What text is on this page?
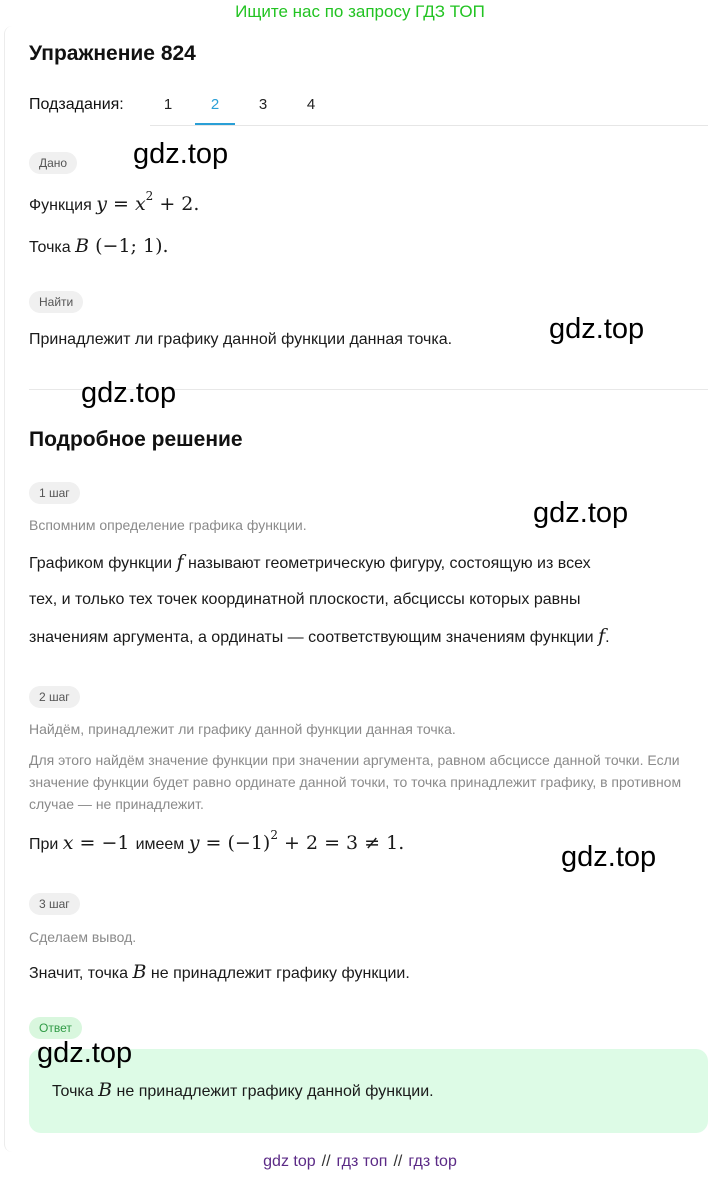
Ищите нас по запросу ГДЗ ТОП
Упражнение 824
Подзадания:	1	2	3	4
Дано
Функция $y = x^2 + 2$.
Точка B (−1; 1).
Найти
Принадлежит ли графику данной функции данная точка.
Подробное решение
1 шаг
Вспомним определение графика функции.
Графиком функции f называют геометрическую фигуру, состоящую из всех
тех, и только тех точек координатной плоскости, абсциссы которых равны
значениям аргумента, а ординаты — соответствующим значениям функции f.
2 шаг
Найдём, принадлежит ли графику данной функции данная точка.
Для этого найдём значение функции при значении аргумента, равном абсциссе данной точки. Если значение функции будет равно ординате данной точки, то точка принадлежит графику, в противном случае — не принадлежит.
При x = −1 имеем $y = (-1)^2 + 2 = 3 \ne 1$.
3 шаг
Сделаем вывод.
Значит, точка B не принадлежит графику функции.
Ответ
Точка B не принадлежит графику данной функции.
gdz.top
gdz.top
gdz.top
gdz.top
gdz.top
gdz.top
gdz top // гдз топ // гдз top
